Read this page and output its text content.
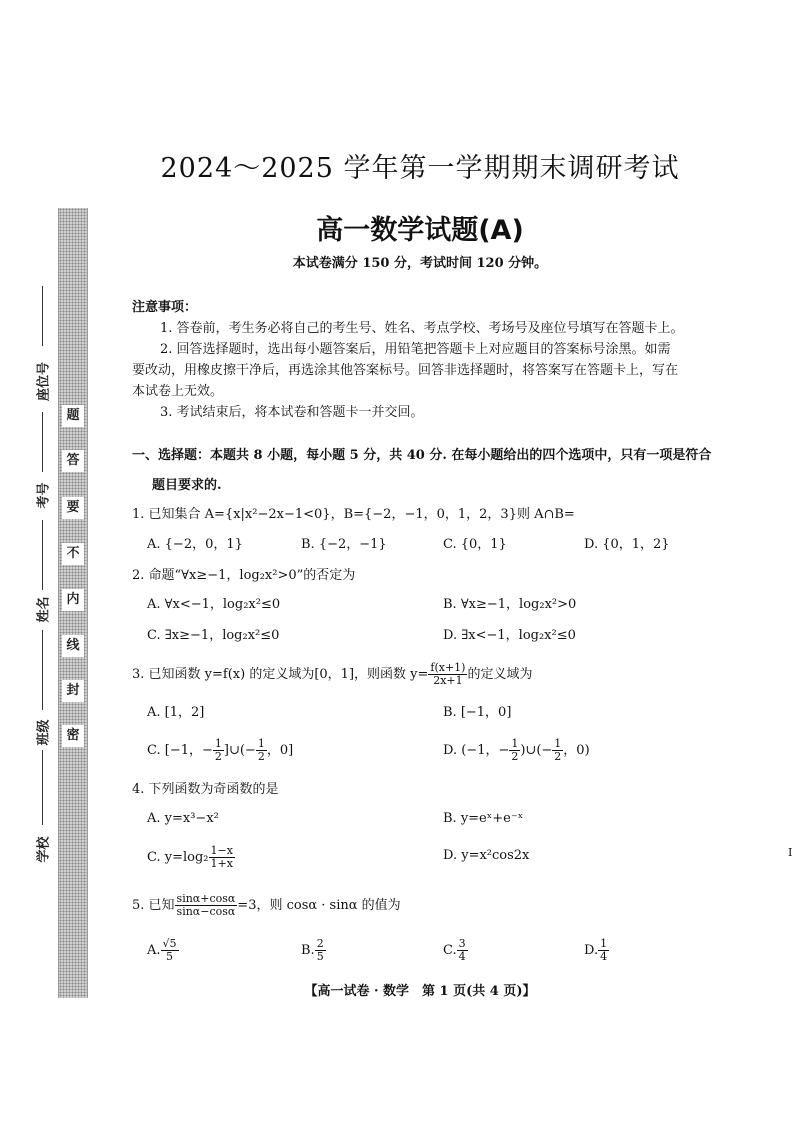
题
答
要
不
内
线
封
密
座位号
考号
姓名
班级
学校
2024～2025 学年第一学期期末调研考试
高一数学试题(A)
本试卷满分 150 分，考试时间 120 分钟。
注意事项：
1. 答卷前，考生务必将自己的考生号、姓名、考点学校、考场号及座位号填写在答题卡上。
2. 回答选择题时，选出每小题答案后，用铅笔把答题卡上对应题目的答案标号涂黑。如需
要改动，用橡皮擦干净后，再选涂其他答案标号。回答非选择题时，将答案写在答题卡上，写在
本试卷上无效。
3. 考试结束后，将本试卷和答题卡一并交回。
一、选择题：本题共 8 小题，每小题 5 分，共 40 分. 在每小题给出的四个选项中，只有一项是符合
题目要求的.
1. 已知集合 A={x|x²−2x−1<0}，B={−2，−1，0，1，2，3}则 A∩B=
A. {−2，0，1}	B. {−2，−1}	C. {0，1}	D. {0，1，2}
2. 命题“∀x≥−1，log₂x²>0”的否定为
A. ∀x<−1，log₂x²≤0	B. ∀x≥−1，log₂x²>0
C. ∃x≥−1，log₂x²≤0	D. ∃x<−1，log₂x²≤0
3. 已知函数 y=f(x) 的定义域为[0，1]，则函数 $y= \frac{f(x+1)}{2x+1}$ 的定义域为
A. [1，2]	B. [−1，0]
C. [−1，− $\frac{1}{2}$ ]∪(− $\frac{1}{2}$ ，0]	D. (−1，− $\frac{1}{2}$ )∪(− $\frac{1}{2}$ ，0)
4. 下列函数为奇函数的是
A. y=x³−x²	B. y=eˣ+e⁻ˣ
C. $y=\log_2 \frac{1-x}{1+x}$	D. y=x²cos2x
5. 已知 $\frac{\sin\alpha+\cos\alpha}{\sin\alpha-\cos\alpha} =3$，则 cosα · sinα 的值为
A. $\frac{√5}{5}$	B. $\frac{2}{5}$	C. $\frac{3}{4}$	D. $\frac{1}{4}$
【高一试卷 · 数学　第 1 页(共 4 页)】
I
